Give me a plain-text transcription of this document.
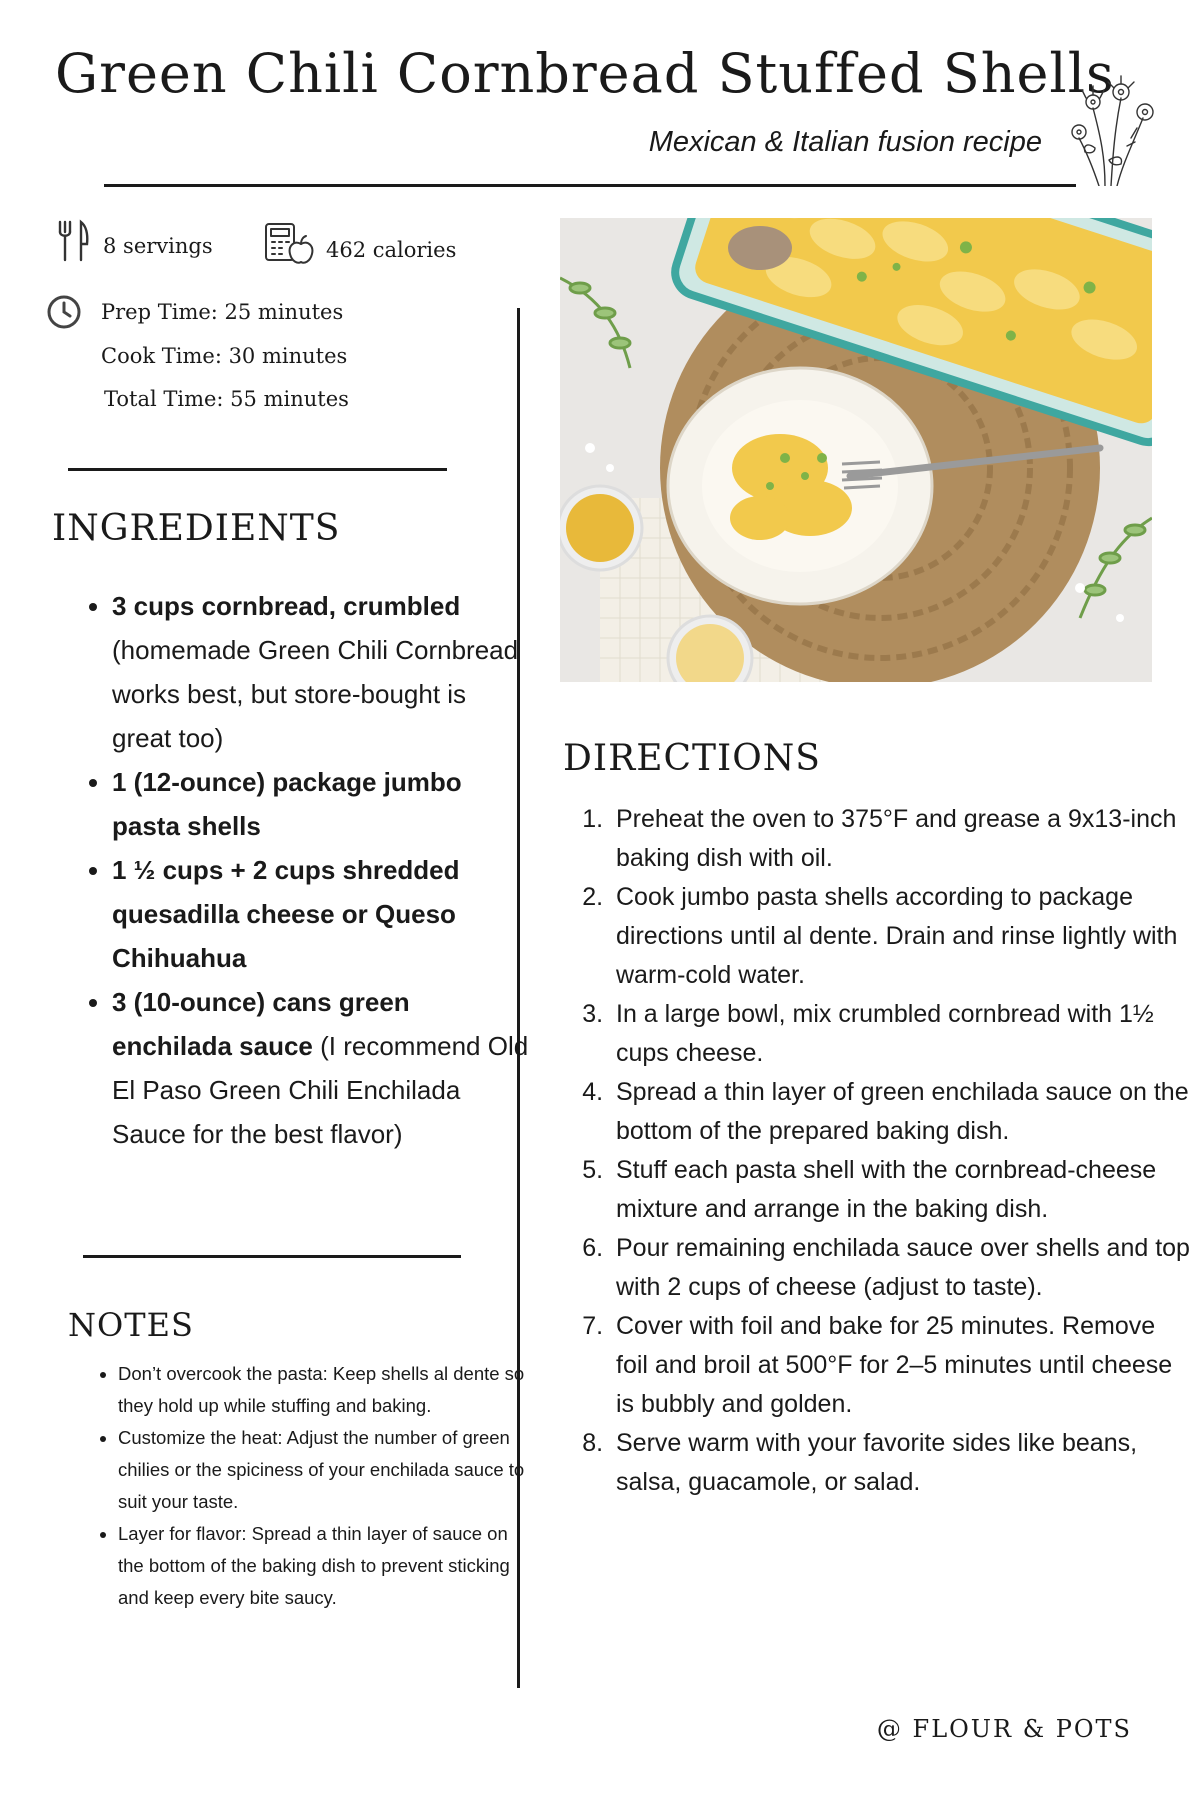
Green Chili Cornbread Stuffed Shells
Mexican & Italian fusion recipe
8 servings	462 calories
Prep Time: 25 minutes
Cook Time: 30 minutes
Total Time: 55 minutes
INGREDIENTS
• 3 cups cornbread, crumbled (homemade Green Chili Cornbread works best, but store-bought is great too)
• 1 (12-ounce) package jumbo pasta shells
• 1 ½ cups + 2 cups shredded quesadilla cheese or Queso Chihuahua
• 3 (10-ounce) cans green enchilada sauce (I recommend Old El Paso Green Chili Enchilada Sauce for the best flavor)
NOTES
• Don’t overcook the pasta: Keep shells al dente so they hold up while stuffing and baking.
• Customize the heat: Adjust the number of green chilies or the spiciness of your enchilada sauce to suit your taste.
• Layer for flavor: Spread a thin layer of sauce on the bottom of the baking dish to prevent sticking and keep every bite saucy.
DIRECTIONS
1. Preheat the oven to 375°F and grease a 9x13-inch baking dish with oil.
2. Cook jumbo pasta shells according to package directions until al dente. Drain and rinse lightly with warm-cold water.
3. In a large bowl, mix crumbled cornbread with 1½ cups cheese.
4. Spread a thin layer of green enchilada sauce on the bottom of the prepared baking dish.
5. Stuff each pasta shell with the cornbread-cheese mixture and arrange in the baking dish.
6. Pour remaining enchilada sauce over shells and top with 2 cups of cheese (adjust to taste).
7. Cover with foil and bake for 25 minutes. Remove foil and broil at 500°F for 2–5 minutes until cheese is bubbly and golden.
8. Serve warm with your favorite sides like beans, salsa, guacamole, or salad.
@ FLOUR & POTS
